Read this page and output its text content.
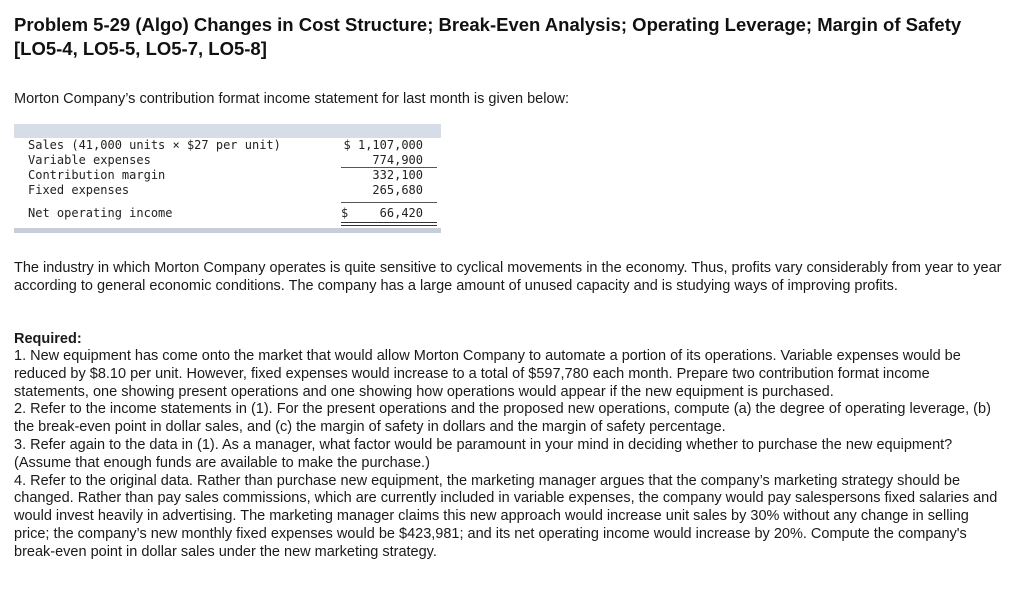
Problem 5-29 (Algo) Changes in Cost Structure; Break-Even Analysis; Operating Leverage; Margin of Safety [LO5-4, LO5-5, LO5-7, LO5-8]

Morton Company’s contribution format income statement for last month is given below:

Sales (41,000 units × $27 per unit)	$ 1,107,000
Variable expenses	774,900
Contribution margin	332,100
Fixed expenses	265,680
Net operating income	$	66,420

The industry in which Morton Company operates is quite sensitive to cyclical movements in the economy. Thus, profits vary considerably from year to year according to general economic conditions. The company has a large amount of unused capacity and is studying ways of improving profits.

Required:

1. New equipment has come onto the market that would allow Morton Company to automate a portion of its operations. Variable expenses would be reduced by $8.10 per unit. However, fixed expenses would increase to a total of $597,780 each month. Prepare two contribution format income statements, one showing present operations and one showing how operations would appear if the new equipment is purchased.

2. Refer to the income statements in (1). For the present operations and the proposed new operations, compute (a) the degree of operating leverage, (b) the break-even point in dollar sales, and (c) the margin of safety in dollars and the margin of safety percentage.

3. Refer again to the data in (1). As a manager, what factor would be paramount in your mind in deciding whether to purchase the new equipment? (Assume that enough funds are available to make the purchase.)

4. Refer to the original data. Rather than purchase new equipment, the marketing manager argues that the company’s marketing strategy should be changed. Rather than pay sales commissions, which are currently included in variable expenses, the company would pay salespersons fixed salaries and would invest heavily in advertising. The marketing manager claims this new approach would increase unit sales by 30% without any change in selling price; the company’s new monthly fixed expenses would be $423,981; and its net operating income would increase by 20%. Compute the company's break-even point in dollar sales under the new marketing strategy.
